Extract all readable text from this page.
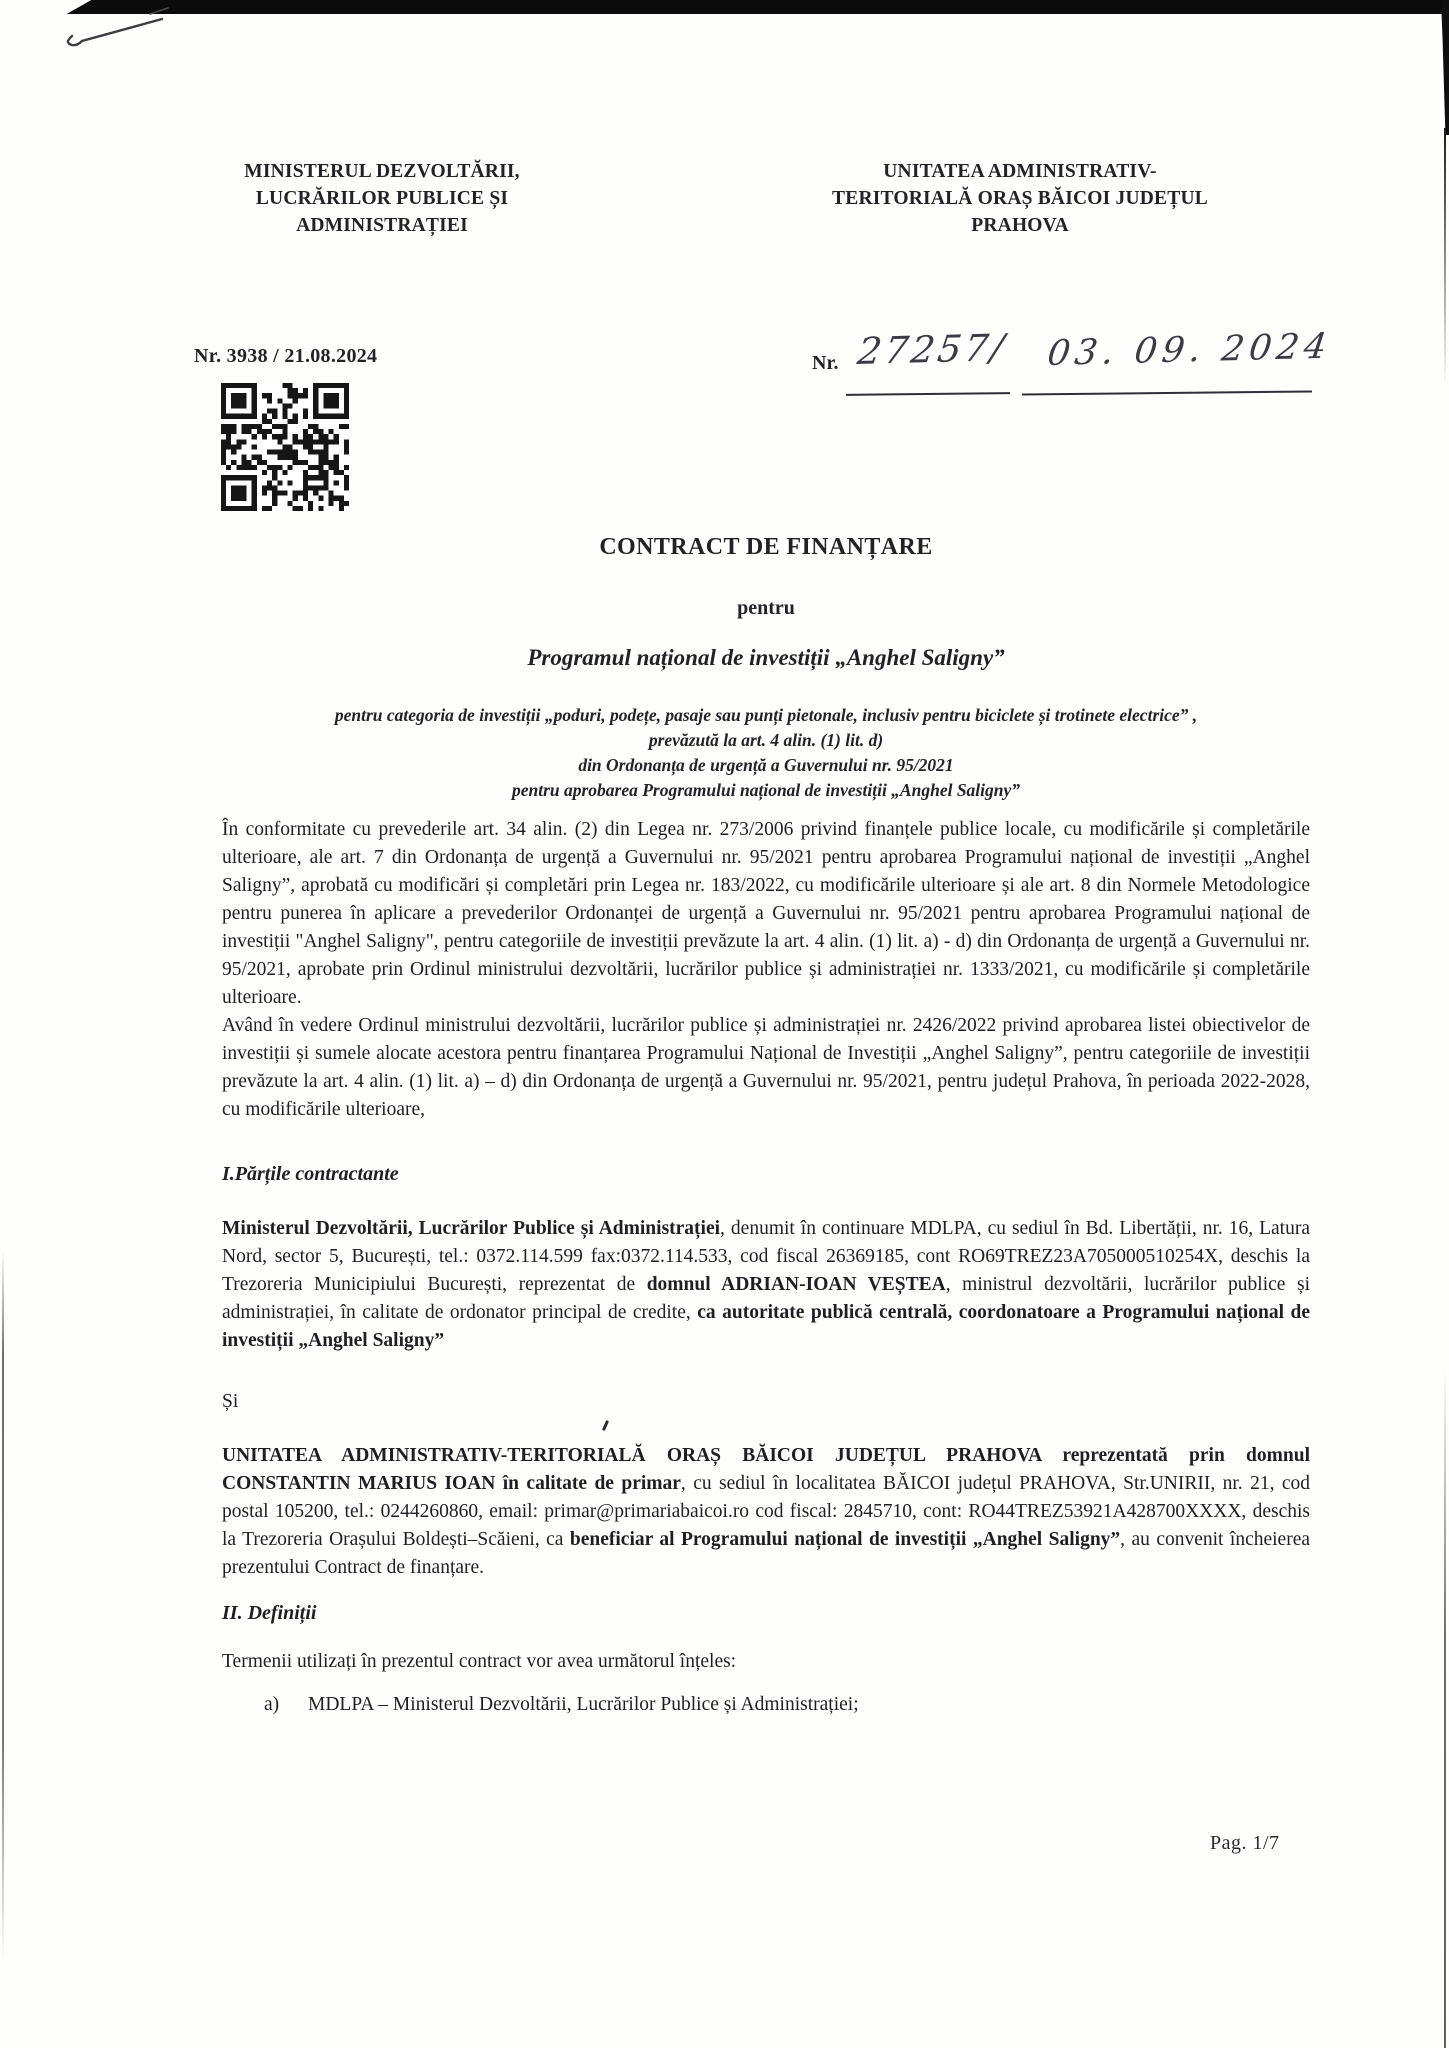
MINISTERUL DEZVOLTĂRII,
LUCRĂRILOR PUBLICE ȘI
ADMINISTRAȚIEI
UNITATEA ADMINISTRATIV-
TERITORIALĂ ORAȘ BĂICOI JUDEȚUL
PRAHOVA
Nr. 3938 / 21.08.2024	Nr. 27257/ 03. 09. 2024
CONTRACT DE FINANȚARE
pentru
Programul național de investiții „Anghel Saligny”
pentru categoria de investiții „poduri, podețe, pasaje sau punți pietonale, inclusiv pentru biciclete și trotinete electrice” ,
prevăzută la art. 4 alin. (1) lit. d)
din Ordonanța de urgență a Guvernului nr. 95/2021
pentru aprobarea Programului național de investiții „Anghel Saligny”

În conformitate cu prevederile art. 34 alin. (2) din Legea nr. 273/2006 privind finanțele publice locale, cu modificările și completările ulterioare, ale art. 7 din Ordonanța de urgență a Guvernului nr. 95/2021 pentru aprobarea Programului național de investiții „Anghel Saligny”, aprobată cu modificări și completări prin Legea nr. 183/2022, cu modificările ulterioare și ale art. 8 din Normele Metodologice pentru punerea în aplicare a prevederilor Ordonanței de urgență a Guvernului nr. 95/2021 pentru aprobarea Programului național de investiții "Anghel Saligny", pentru categoriile de investiții prevăzute la art. 4 alin. (1) lit. a) - d) din Ordonanța de urgență a Guvernului nr. 95/2021, aprobate prin Ordinul ministrului dezvoltării, lucrărilor publice și administrației nr. 1333/2021, cu modificările și completările ulterioare.

Având în vedere Ordinul ministrului dezvoltării, lucrărilor publice și administrației nr. 2426/2022 privind aprobarea listei obiectivelor de investiții și sumele alocate acestora pentru finanțarea Programului Național de Investiții „Anghel Saligny”, pentru categoriile de investiții prevăzute la art. 4 alin. (1) lit. a) – d) din Ordonanța de urgență a Guvernului nr. 95/2021, pentru județul Prahova, în perioada 2022-2028, cu modificările ulterioare,

I.Părțile contractante

Ministerul Dezvoltării, Lucrărilor Publice și Administrației, denumit în continuare MDLPA, cu sediul în Bd. Libertății, nr. 16, Latura Nord, sector 5, București, tel.: 0372.114.599 fax:0372.114.533, cod fiscal 26369185, cont RO69TREZ23A705000510254X, deschis la Trezoreria Municipiului București, reprezentat de domnul ADRIAN-IOAN VEȘTEA, ministrul dezvoltării, lucrărilor publice și administrației, în calitate de ordonator principal de credite, ca autoritate publică centrală, coordonatoare a Programului național de investiții „Anghel Saligny”

Și

UNITATEA ADMINISTRATIV-TERITORIALĂ ORAȘ BĂICOI JUDEȚUL PRAHOVA reprezentată prin domnul CONSTANTIN MARIUS IOAN în calitate de primar, cu sediul în localitatea BĂICOI județul PRAHOVA, Str.UNIRII, nr. 21, cod postal 105200, tel.: 0244260860, email: primar@primariabaicoi.ro cod fiscal: 2845710, cont: RO44TREZ53921A428700XXXX, deschis la Trezoreria Orașului Boldești–Scăieni, ca beneficiar al Programului național de investiții „Anghel Saligny”, au convenit încheierea prezentului Contract de finanțare.

II. Definiții

Termenii utilizați în prezentul contract vor avea următorul înțeles:

a) MDLPA – Ministerul Dezvoltării, Lucrărilor Publice și Administrației;

Pag. 1/7
